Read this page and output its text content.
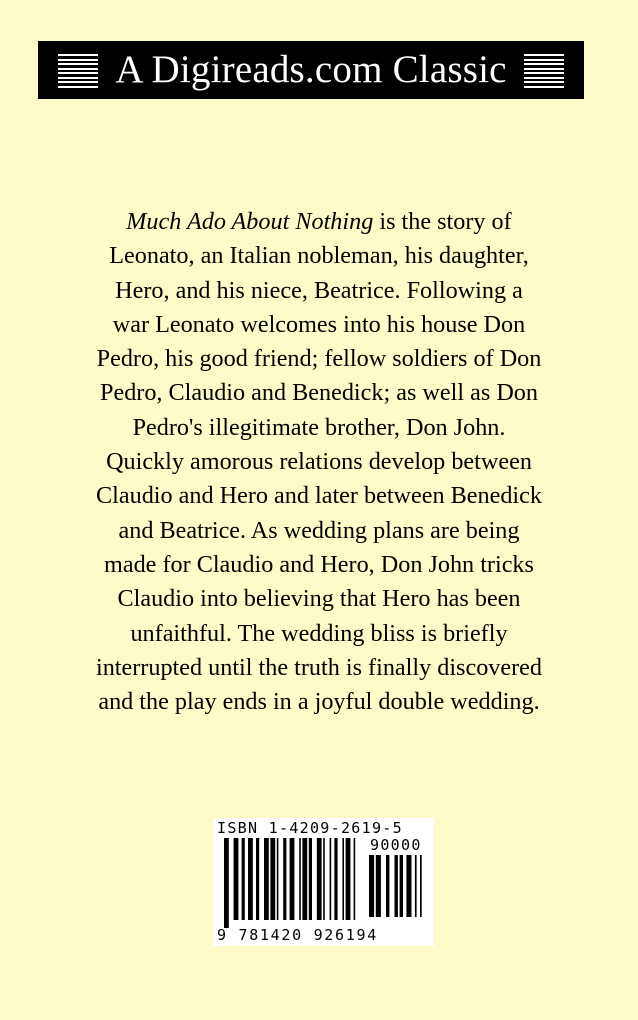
A Digireads.com Classic

Much Ado About Nothing is the story of

Leonato, an Italian nobleman, his daughter,

Hero, and his niece, Beatrice. Following a

war Leonato welcomes into his house Don

Pedro, his good friend; fellow soldiers of Don

Pedro, Claudio and Benedick; as well as Don

Pedro's illegitimate brother, Don John.

Quickly amorous relations develop between

Claudio and Hero and later between Benedick

and Beatrice. As wedding plans are being

made for Claudio and Hero, Don John tricks

Claudio into believing that Hero has been

unfaithful. The wedding bliss is briefly

interrupted until the truth is finally discovered

and the play ends in a joyful double wedding.

ISBN 1-4209-2619-5
90000
9 781420 926194
